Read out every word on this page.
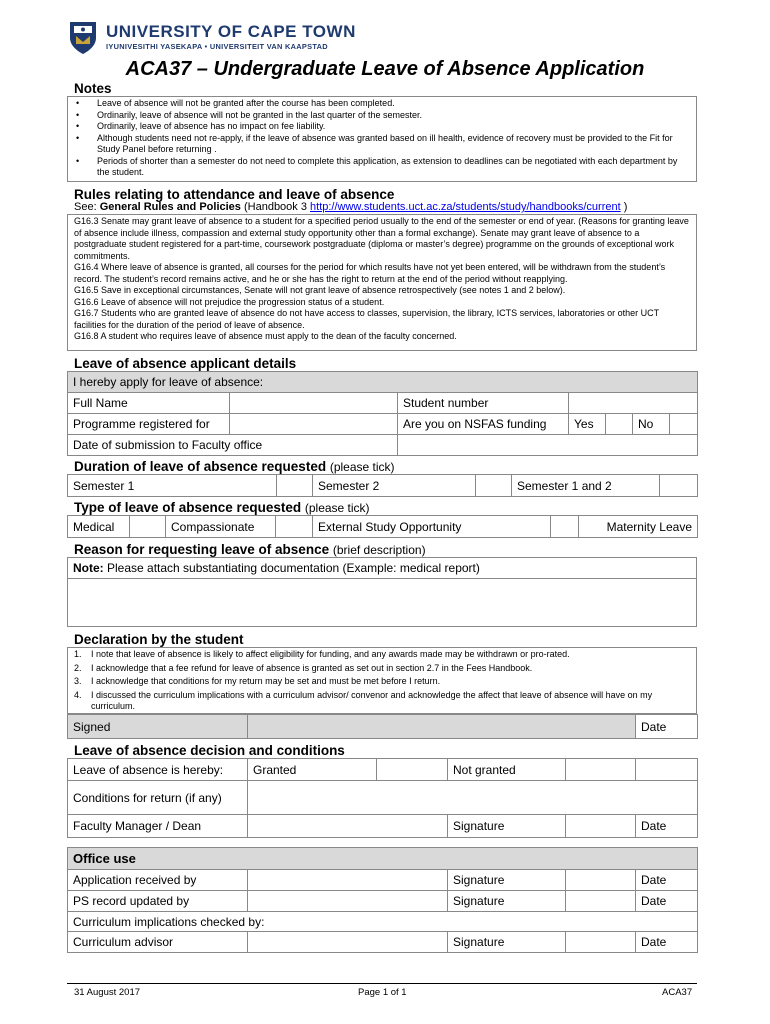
UNIVERSITY OF CAPE TOWN
IYUNIVESITHI YASEKAPA • UNIVERSITEIT VAN KAAPSTAD
ACA37 – Undergraduate Leave of Absence Application
Notes
• Leave of absence will not be granted after the course has been completed.
• Ordinarily, leave of absence will not be granted in the last quarter of the semester.
• Ordinarily, leave of absence has no impact on fee liability.
• Although students need not re-apply, if the leave of absence was granted based on ill health, evidence of recovery must be provided to the Fit for Study Panel before returning .
• Periods of shorter than a semester do not need to complete this application, as extension to deadlines can be negotiated with each department by the student.
Rules relating to attendance and leave of absence
See: General Rules and Policies (Handbook 3 http://www.students.uct.ac.za/students/study/handbooks/current )

G16.3 Senate may grant leave of absence to a student for a specified period usually to the end of the semester or end of year. (Reasons for granting leave of absence include illness, compassion and external study opportunity other than a formal exchange). Senate may grant leave of absence to a postgraduate student registered for a part-time, coursework postgraduate (diploma or master’s degree) programme on the grounds of exceptional work commitments.

G16.4 Where leave of absence is granted, all courses for the period for which results have not yet been entered, will be withdrawn from the student’s record. The student’s record remains active, and he or she has the right to return at the end of the period without reapplying.

G16.5 Save in exceptional circumstances, Senate will not grant leave of absence retrospectively (see notes 1 and 2 below).

G16.6 Leave of absence will not prejudice the progression status of a student.

G16.7 Students who are granted leave of absence do not have access to classes, supervision, the library, ICTS services, laboratories or other UCT facilities for the duration of the period of leave of absence.

G16.8 A student who requires leave of absence must apply to the dean of the faculty concerned.

Leave of absence applicant details
I hereby apply for leave of absence:						
Full Name		Student number				
Programme registered for		Are you on NSFAS funding	Yes		No	
Date of submission to Faculty office						
Duration of leave of absence requested (please tick)
Semester 1		Semester 2		Semester 1 and 2	
Type of leave of absence requested (please tick)
Medical		Compassionate		External Study Opportunity		Maternity Leave
Reason for requesting leave of absence (brief description)
Note: Please attach substantiating documentation (Example: medical report)

Declaration by the student
1. I note that leave of absence is likely to affect eligibility for funding, and any awards made may be withdrawn or pro-rated.
2. I acknowledge that a fee refund for leave of absence is granted as set out in section 2.7 in the Fees Handbook.
3. I acknowledge that conditions for my return may be set and must be met before I return.
4. I discussed the curriculum implications with a curriculum advisor/ convenor and acknowledge the affect that leave of absence will have on my curriculum.
Signed		Date
Leave of absence decision and conditions
Leave of absence is hereby:	Granted		Not granted		
Conditions for return (if any)					
Faculty Manager / Dean			Signature		Date
Office use				
Application received by		Signature		Date
PS record updated by		Signature		Date
Curriculum implications checked by:				
Curriculum advisor		Signature		Date
31 August 2017	Page 1 of 1	ACA37
